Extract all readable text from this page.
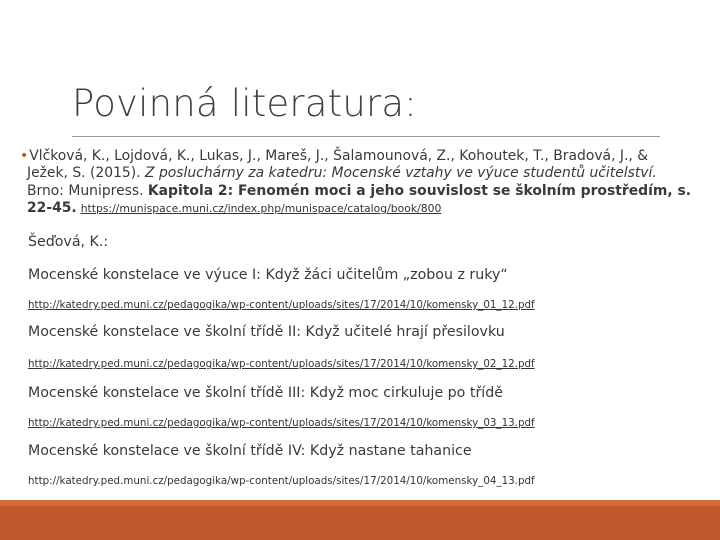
Povinná literatura:
•Vlčková, K., Lojdová, K., Lukas, J., Mareš, J., Šalamounová, Z., Kohoutek, T., Bradová, J., &
Ježek, S. (2015). Z posluchárny za katedru: Mocenské vztahy ve výuce studentů učitelství.
Brno: Munipress. Kapitola 2: Fenomén moci a jeho souvislost se školním prostředím, s.
22-45. https://munispace.muni.cz/index.php/munispace/catalog/book/800
Šeďová, K.:
Mocenské konstelace ve výuce I: Když žáci učitelům „zobou z ruky“
http://katedry.ped.muni.cz/pedagogika/wp-content/uploads/sites/17/2014/10/komensky_01_12.pdf
Mocenské konstelace ve školní třídě II: Když učitelé hrají přesilovku
http://katedry.ped.muni.cz/pedagogika/wp-content/uploads/sites/17/2014/10/komensky_02_12.pdf
Mocenské konstelace ve školní třídě III: Když moc cirkuluje po třídě
http://katedry.ped.muni.cz/pedagogika/wp-content/uploads/sites/17/2014/10/komensky_03_13.pdf
Mocenské konstelace ve školní třídě IV: Když nastane tahanice
http://katedry.ped.muni.cz/pedagogika/wp-content/uploads/sites/17/2014/10/komensky_04_13.pdf
